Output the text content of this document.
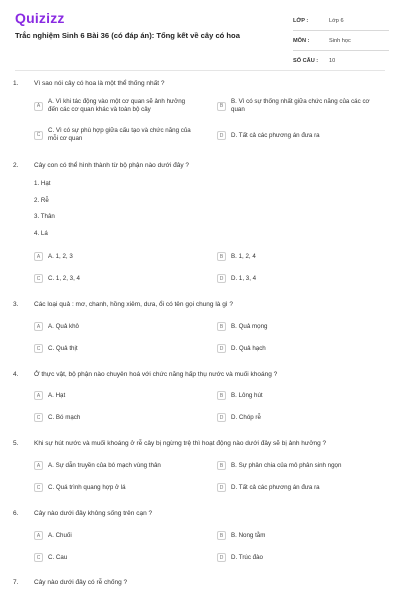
Quizizz
Trắc nghiệm Sinh 6 Bài 36 (có đáp án): Tổng kết về cây có hoa
LỚP :	Lớp 6
MÔN :	Sinh học
SỐ CÂU :	10
1. Vì sao nói cây có hoa là một thể thống nhất ?
A
A. Vì khi tác động vào một cơ quan sẽ ảnh hưởng đến các cơ quan khác và toàn bộ cây	B
B. Vì có sự thống nhất giữa chức năng của các cơ quan
C
C. Vì có sự phù hợp giữa cấu tạo và chức năng của mỗi cơ quan	D	D. Tất cả các phương án đưa ra
2. Cây con có thể hình thành từ bộ phận nào dưới đây ?
1. Hạt
2. Rễ
3. Thân
4. Lá
A	A. 1, 2, 3	B	B. 1, 2, 4
C	C. 1, 2, 3, 4	D	D. 1, 3, 4
3. Các loại quả : mơ, chanh, hồng xiêm, dưa, ổi có tên gọi chung là gì ?
A	A. Quả khô	B	B. Quả mọng
C	C. Quả thịt	D	D. Quả hạch
4. Ở thực vật, bộ phận nào chuyên hoá với chức năng hấp thụ nước và muối khoáng ?
A	A. Hạt	B	B. Lông hút
C	C. Bó mạch	D	D. Chóp rễ
5. Khi sự hút nước và muối khoáng ở rễ cây bị ngừng trệ thì hoạt động nào dưới đây sẽ bị ảnh hưởng ?
A	A. Sự dẫn truyền của bó mạch vùng thân	B	B. Sự phân chia của mô phân sinh ngọn
C	C. Quá trình quang hợp ở lá	D	D. Tất cả các phương án đưa ra
6. Cây nào dưới đây không sống trên cạn ?
A	A. Chuối	B	B. Nong tằm
C	C. Cau	D	D. Trúc đào
7. Cây nào dưới đây có rễ chống ?
